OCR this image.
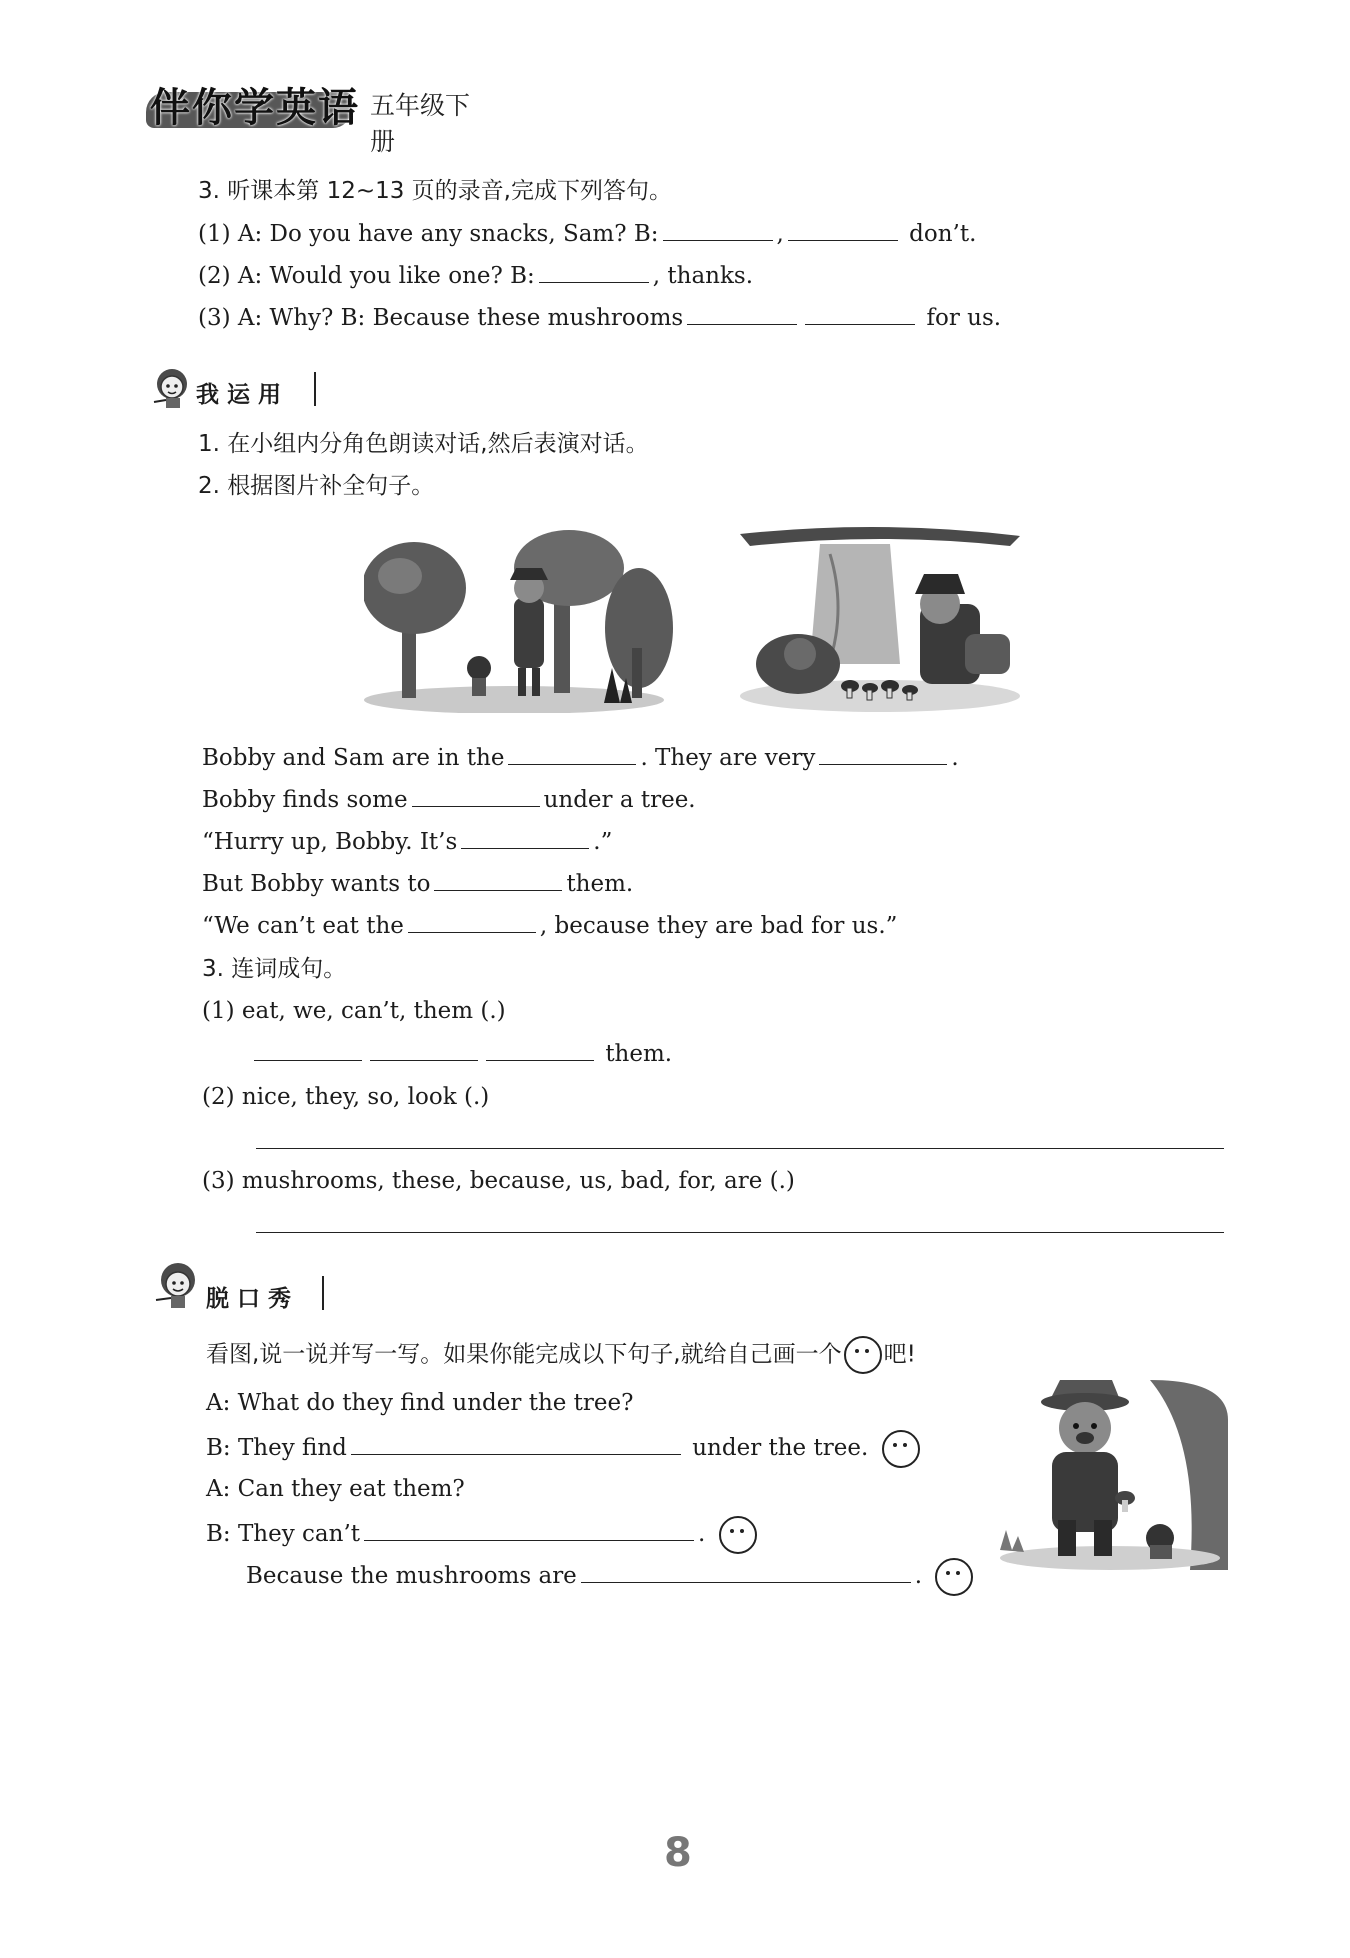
伴你学英语 五年级下册
3. 听课本第 12~13 页的录音,完成下列答句。
(1) A: Do you have any snacks, Sam? B:	,	don’t.
(2) A: Would you like one? B:	, thanks.
(3) A: Why? B: Because these mushrooms	for us.
我运用
1. 在小组内分角色朗读对话,然后表演对话。
2. 根据图片补全句子。
Bobby and Sam are in the	. They are very	.
Bobby finds some	under a tree.
“Hurry up, Bobby. It’s	.”
But Bobby wants to	them.
“We can’t eat the	, because they are bad for us.”
3. 连词成句。
(1) eat, we, can’t, them (.)
them.
(2) nice, they, so, look (.)
(3) mushrooms, these, because, us, bad, for, are (.)
脱口秀
看图,说一说并写一写。如果你能完成以下句子,就给自己画一个 吧!
A: What do they find under the tree?
B: They find	under the tree.
A: Can they eat them?
B: They can’t	.
Because the mushrooms are	.
8
